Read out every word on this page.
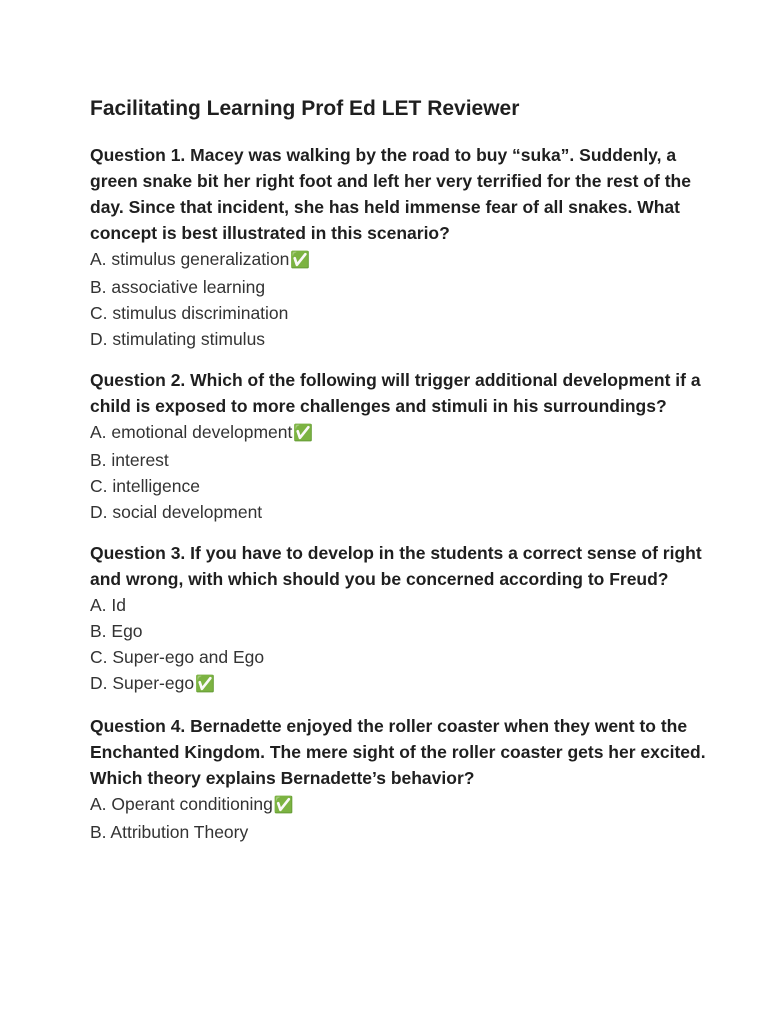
Facilitating Learning Prof Ed LET Reviewer

Question 1. Macey was walking by the road to buy “suka”. Suddenly, a green snake bit her right foot and left her very terrified for the rest of the day. Since that incident, she has held immense fear of all snakes. What concept is best illustrated in this scenario?

A. stimulus generalization✅
B. associative learning
C. stimulus discrimination
D. stimulating stimulus

Question 2. Which of the following will trigger additional development if a child is exposed to more challenges and stimuli in his surroundings?

A. emotional development✅
B. interest
C. intelligence
D. social development

Question 3. If you have to develop in the students a correct sense of right and wrong, with which should you be concerned according to Freud?

A. Id
B. Ego
C. Super-ego and Ego
D. Super-ego✅

Question 4. Bernadette enjoyed the roller coaster when they went to the Enchanted Kingdom. The mere sight of the roller coaster gets her excited. Which theory explains Bernadette’s behavior?

A. Operant conditioning✅
B. Attribution Theory
